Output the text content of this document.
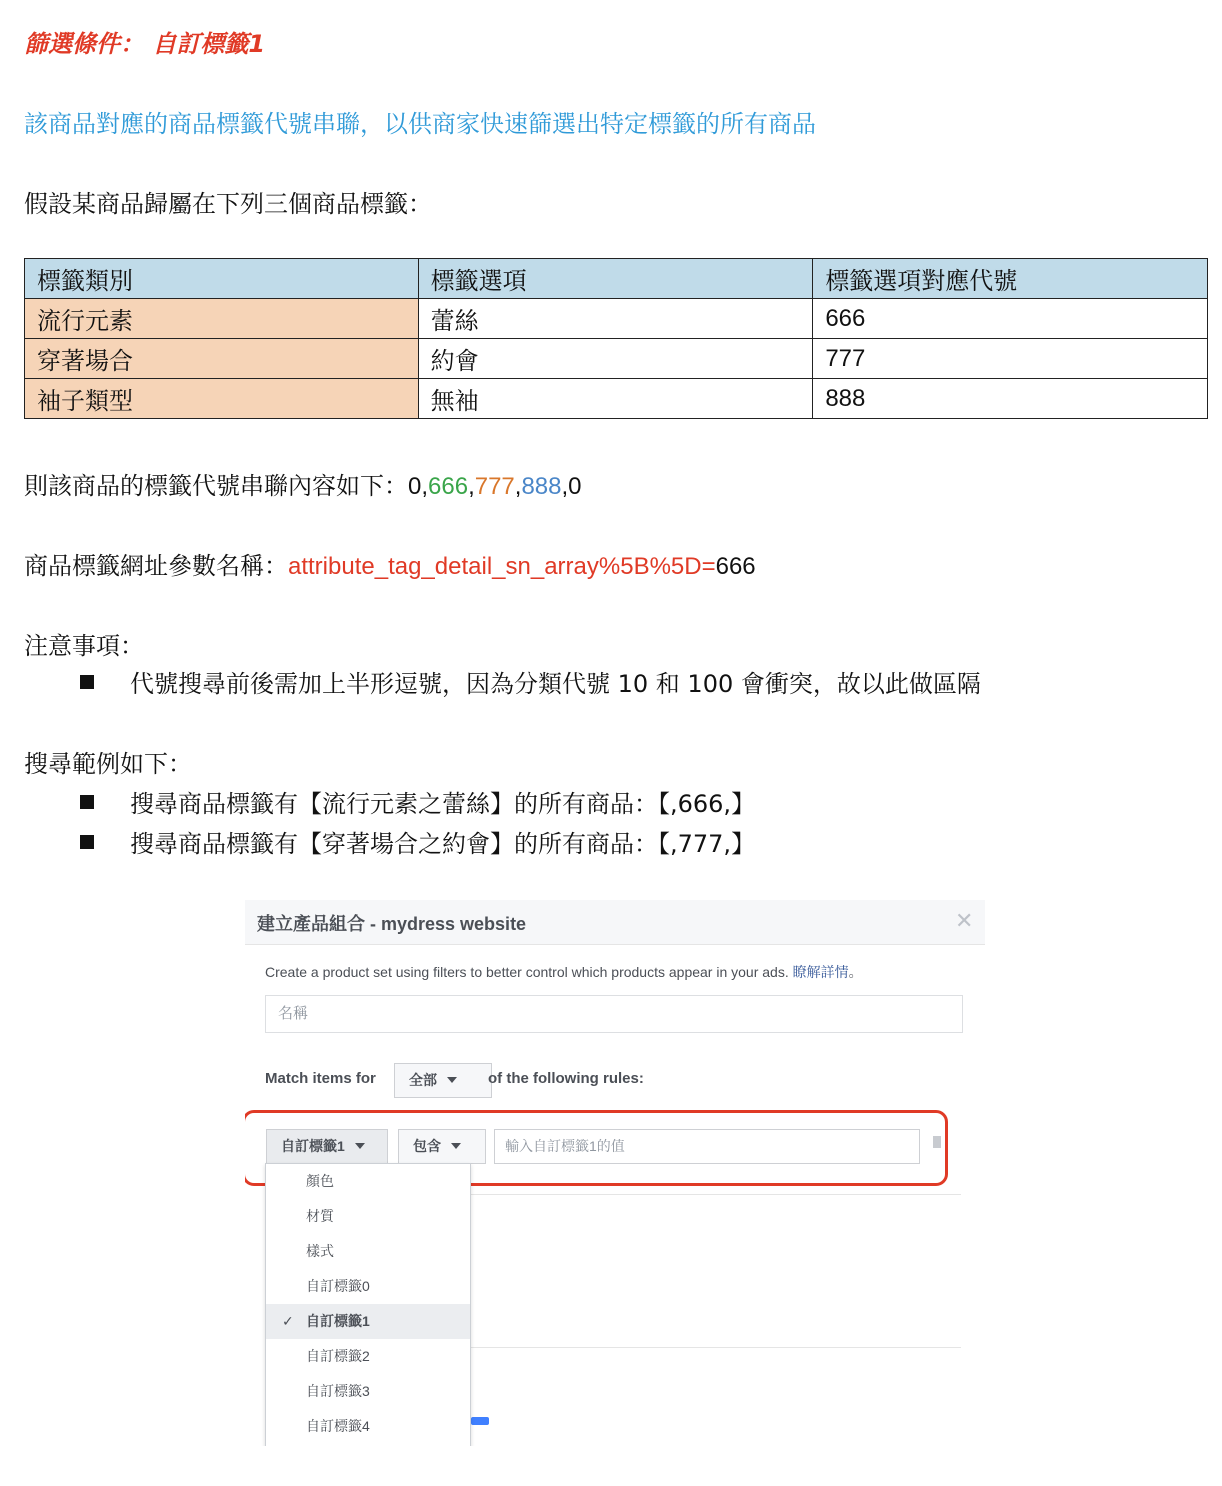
篩選條件： 自訂標籤1
該商品對應的商品標籤代號串聯，以供商家快速篩選出特定標籤的所有商品
假設某商品歸屬在下列三個商品標籤：
標籤類別	標籤選項	標籤選項對應代號
流行元素	蕾絲	666
穿著場合	約會	777
袖子類型	無袖	888
則該商品的標籤代號串聯內容如下：0,666,777,888,0
商品標籤網址參數名稱：attribute_tag_detail_sn_array%5B%5D=666
注意事項：
代號搜尋前後需加上半形逗號，因為分類代號 10 和 100 會衝突，故以此做區隔
搜尋範例如下：
搜尋商品標籤有【流行元素之蕾絲】的所有商品：【,666,】
搜尋商品標籤有【穿著場合之約會】的所有商品：【,777,】
建立產品組合 - mydress website	✕
Create a product set using filters to better control which products appear in your ads. 瞭解詳情。
名稱
Match items for	全部	of the following rules:
自訂標籤1	包含	輸入自訂標籤1的值
顏色
材質
樣式
自訂標籤0
✓ 自訂標籤1
自訂標籤2
自訂標籤3
自訂標籤4
